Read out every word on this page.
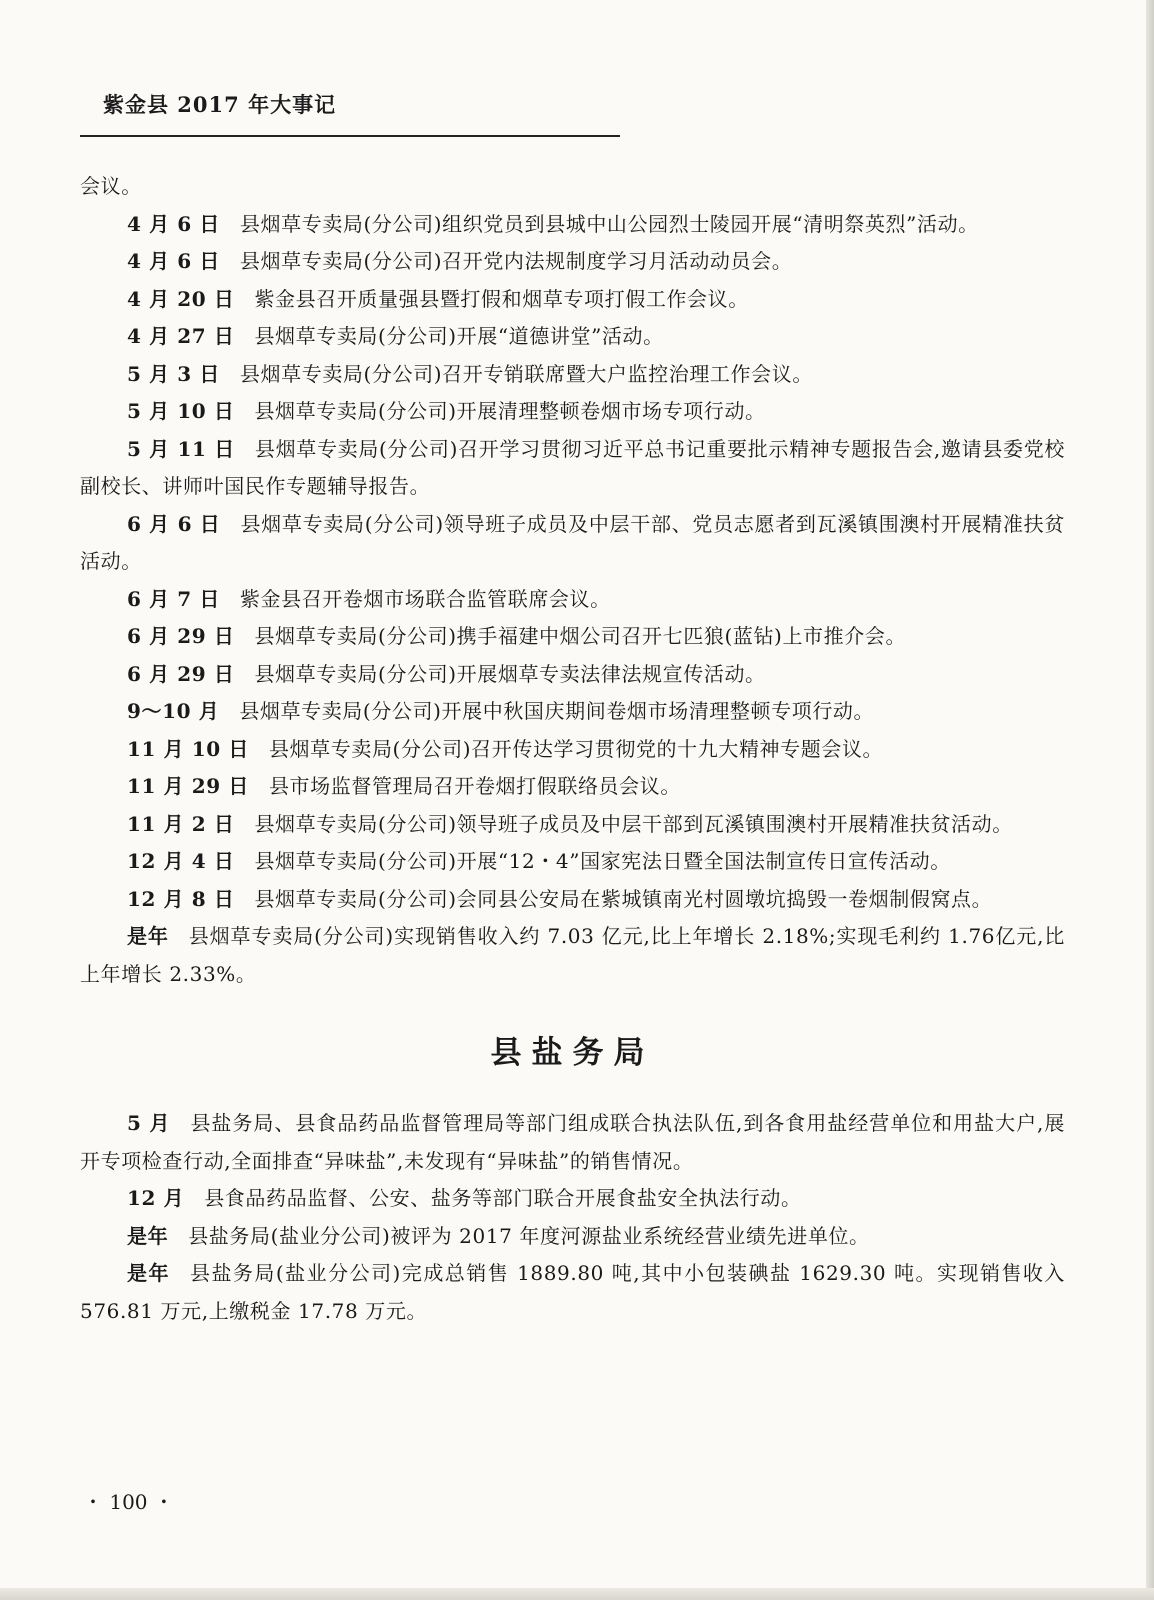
紫金县 2017 年大事记

会议。

4 月 6 日 县烟草专卖局(分公司)组织党员到县城中山公园烈士陵园开展“清明祭英烈”活动。

4 月 6 日 县烟草专卖局(分公司)召开党内法规制度学习月活动动员会。

4 月 20 日 紫金县召开质量强县暨打假和烟草专项打假工作会议。

4 月 27 日 县烟草专卖局(分公司)开展“道德讲堂”活动。

5 月 3 日 县烟草专卖局(分公司)召开专销联席暨大户监控治理工作会议。

5 月 10 日 县烟草专卖局(分公司)开展清理整顿卷烟市场专项行动。

5 月 11 日 县烟草专卖局(分公司)召开学习贯彻习近平总书记重要批示精神专题报告会,邀请县委党校副校长、讲师叶国民作专题辅导报告。

6 月 6 日 县烟草专卖局(分公司)领导班子成员及中层干部、党员志愿者到瓦溪镇围澳村开展精准扶贫活动。

6 月 7 日 紫金县召开卷烟市场联合监管联席会议。

6 月 29 日 县烟草专卖局(分公司)携手福建中烟公司召开七匹狼(蓝钻)上市推介会。

6 月 29 日 县烟草专卖局(分公司)开展烟草专卖法律法规宣传活动。

9～10 月 县烟草专卖局(分公司)开展中秋国庆期间卷烟市场清理整顿专项行动。

11 月 10 日 县烟草专卖局(分公司)召开传达学习贯彻党的十九大精神专题会议。

11 月 29 日 县市场监督管理局召开卷烟打假联络员会议。

11 月 2 日 县烟草专卖局(分公司)领导班子成员及中层干部到瓦溪镇围澳村开展精准扶贫活动。

12 月 4 日 县烟草专卖局(分公司)开展“12・4”国家宪法日暨全国法制宣传日宣传活动。

12 月 8 日 县烟草专卖局(分公司)会同县公安局在紫城镇南光村圆墩坑捣毁一卷烟制假窝点。

是年 县烟草专卖局(分公司)实现销售收入约 7.03 亿元,比上年增长 2.18%;实现毛利约 1.76亿元,比上年增长 2.33%。

县盐务局

5 月 县盐务局、县食品药品监督管理局等部门组成联合执法队伍,到各食用盐经营单位和用盐大户,展开专项检查行动,全面排查“异味盐”,未发现有“异味盐”的销售情况。

12 月 县食品药品监督、公安、盐务等部门联合开展食盐安全执法行动。

是年 县盐务局(盐业分公司)被评为 2017 年度河源盐业系统经营业绩先进单位。

是年 县盐务局(盐业分公司)完成总销售 1889.80 吨,其中小包装碘盐 1629.30 吨。实现销售收入 576.81 万元,上缴税金 17.78 万元。

・ 100 ・
